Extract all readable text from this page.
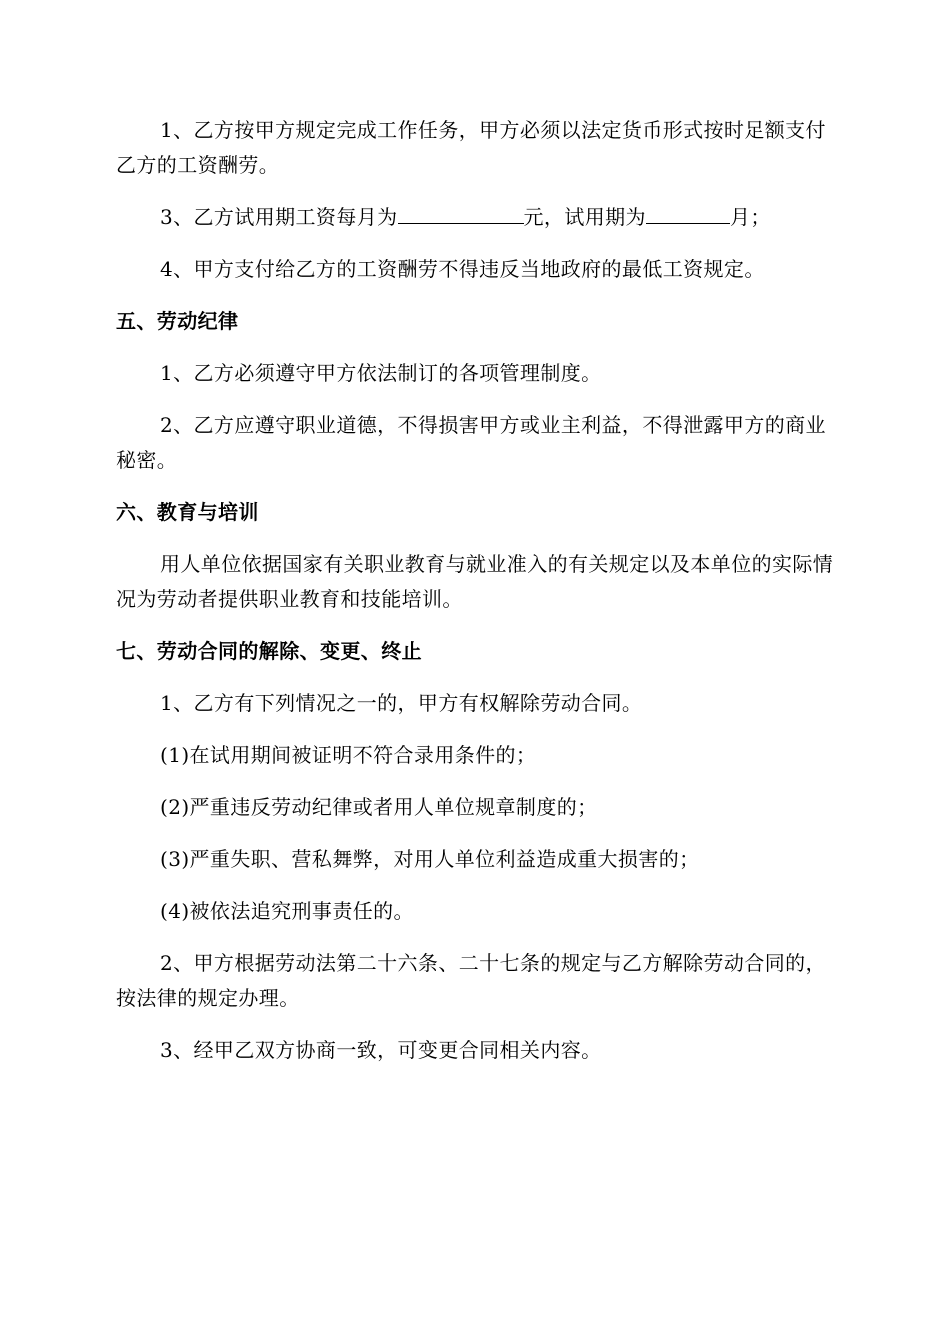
1、乙方按甲方规定完成工作任务，甲方必须以法定货币形式按时足额支付乙方的工资酬劳。

3、乙方试用期工资每月为	元，试用期为	月；

4、甲方支付给乙方的工资酬劳不得违反当地政府的最低工资规定。

五、劳动纪律

1、乙方必须遵守甲方依法制订的各项管理制度。

2、乙方应遵守职业道德，不得损害甲方或业主利益，不得泄露甲方的商业秘密。

六、教育与培训

用人单位依据国家有关职业教育与就业准入的有关规定以及本单位的实际情况为劳动者提供职业教育和技能培训。

七、劳动合同的解除、变更、终止

1、乙方有下列情况之一的，甲方有权解除劳动合同。

(1)在试用期间被证明不符合录用条件的；

(2)严重违反劳动纪律或者用人单位规章制度的；

(3)严重失职、营私舞弊，对用人单位利益造成重大损害的；

(4)被依法追究刑事责任的。

2、甲方根据劳动法第二十六条、二十七条的规定与乙方解除劳动合同的，按法律的规定办理。

3、经甲乙双方协商一致，可变更合同相关内容。
